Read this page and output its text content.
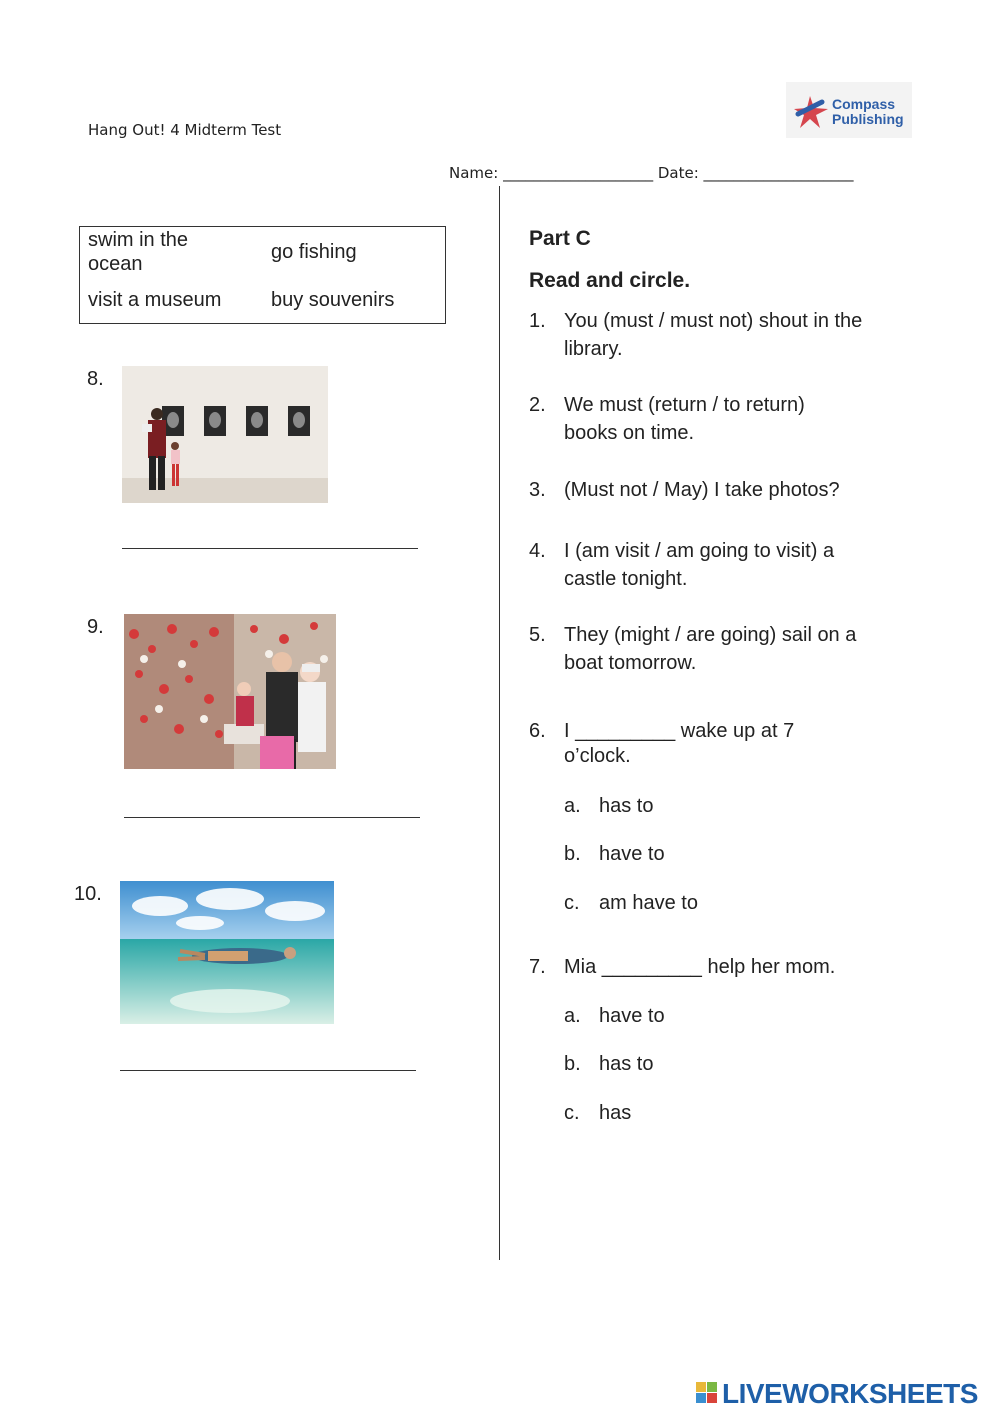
Hang Out! 4 Midterm Test
Name: ____________________ Date: ____________________
Compass
Publishing
swim in the ocean
go fishing
visit a museum buy souvenirs
8.
9.
10.
Part C
Read and circle.
1. You (must / must not) shout in the library.
2. We must (return / to return) books on time.
3. (Must not / May) I take photos?
4. I (am visit / am going to visit) a castle tonight.
5. They (might / are going) sail on a boat tomorrow.
6. I _________ wake up at 7 o’clock.
a. has to
b. have to
c. am have to
7. Mia _________ help her mom.
a. have to
b. has to
c. has
LIVEWORKSHEETS
